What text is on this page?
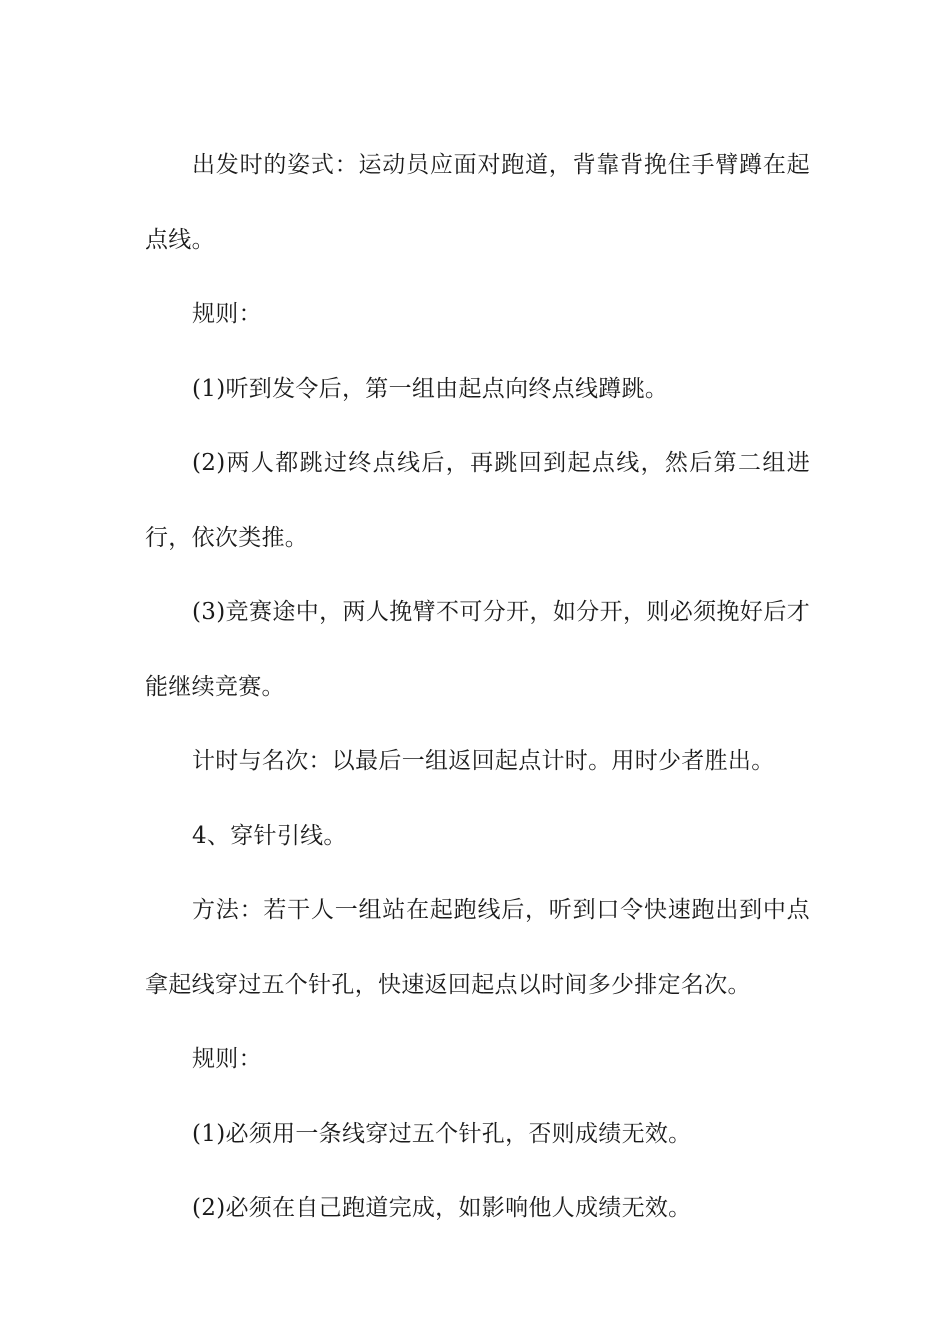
出发时的姿式：运动员应面对跑道，背靠背挽住手臂蹲在起点线。

规则：

(1)听到发令后，第一组由起点向终点线蹲跳。

(2)两人都跳过终点线后，再跳回到起点线，然后第二组进行，依次类推。

(3)竞赛途中，两人挽臂不可分开，如分开，则必须挽好后才能继续竞赛。

计时与名次：以最后一组返回起点计时。用时少者胜出。

4、穿针引线。

方法：若干人一组站在起跑线后，听到口令快速跑出到中点拿起线穿过五个针孔，快速返回起点以时间多少排定名次。

规则：

(1)必须用一条线穿过五个针孔，否则成绩无效。

(2)必须在自己跑道完成，如影响他人成绩无效。
